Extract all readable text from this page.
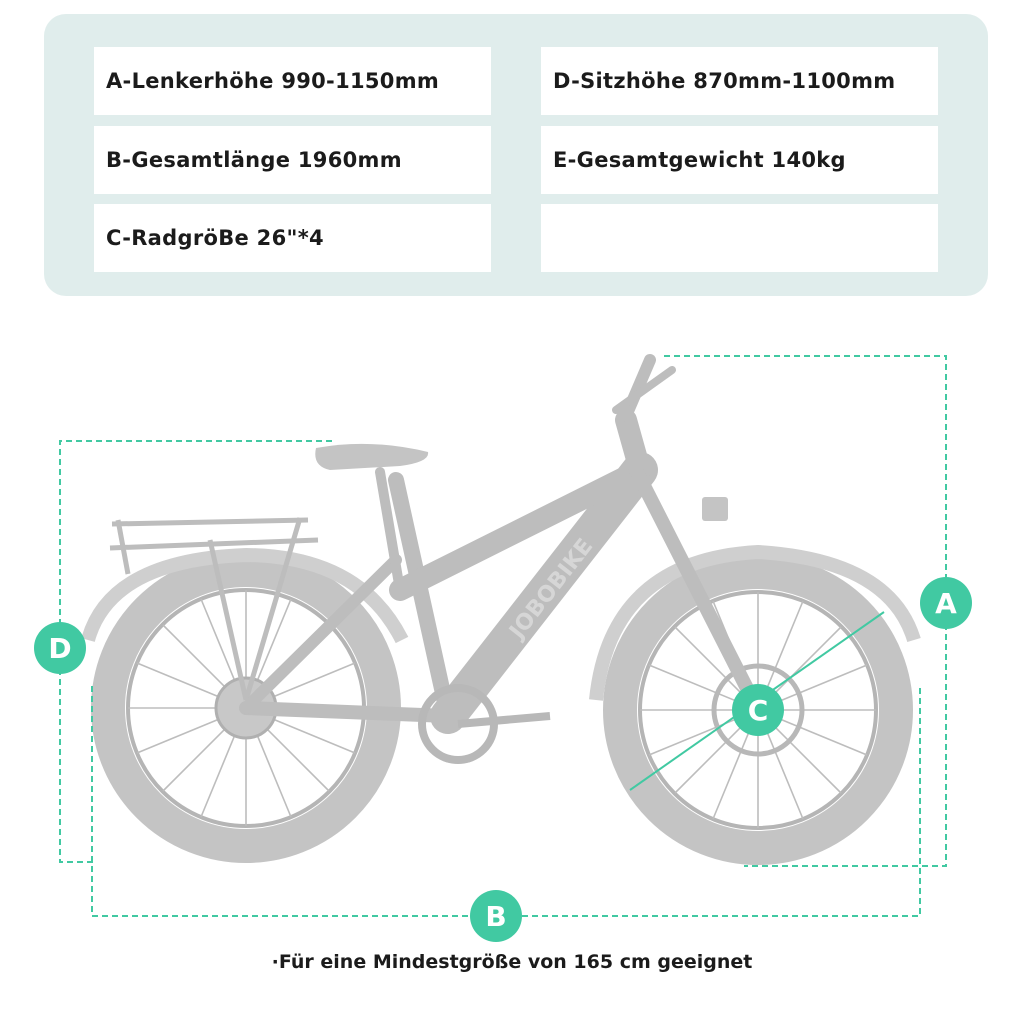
A-Lenkerhöhe 990-1150mm	D-Sitzhöhe 870mm-1100mm
B-Gesamtlänge 1960mm	E-Gesamtgewicht 140kg
C-RadgröBe 26"*4
JOBOBIKE	A
D
C
B
·Für eine Mindestgröße von 165 cm geeignet
